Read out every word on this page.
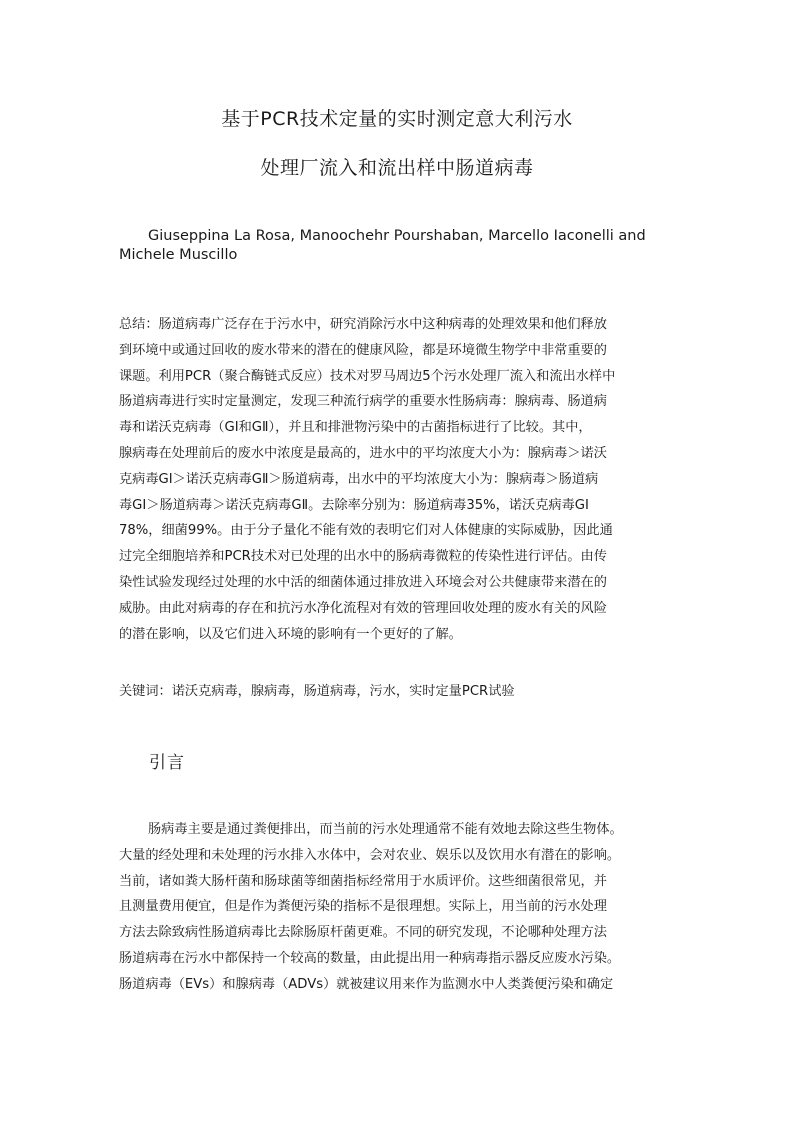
基于PCR技术定量的实时测定意大利污水
处理厂流入和流出样中肠道病毒
Giuseppina La Rosa, Manoochehr Pourshaban, Marcello Iaconelli and Michele Muscillo
总结：肠道病毒广泛存在于污水中，研究消除污水中这种病毒的处理效果和他们释放
到环境中或通过回收的废水带来的潜在的健康风险，都是环境微生物学中非常重要的
课题。利用PCR（聚合酶链式反应）技术对罗马周边5个污水处理厂流入和流出水样中
肠道病毒进行实时定量测定，发现三种流行病学的重要水性肠病毒：腺病毒、肠道病
毒和诺沃克病毒（GⅠ和GⅡ），并且和排泄物污染中的古菌指标进行了比较。其中，
腺病毒在处理前后的废水中浓度是最高的，进水中的平均浓度大小为：腺病毒＞诺沃
克病毒GⅠ＞诺沃克病毒GⅡ＞肠道病毒，出水中的平均浓度大小为：腺病毒＞肠道病
毒GⅠ＞肠道病毒＞诺沃克病毒GⅡ。去除率分别为：肠道病毒35%，诺沃克病毒GⅠ
78%，细菌99%。由于分子量化不能有效的表明它们对人体健康的实际威胁，因此通
过完全细胞培养和PCR技术对已处理的出水中的肠病毒微粒的传染性进行评估。由传
染性试验发现经过处理的水中活的细菌体通过排放进入环境会对公共健康带来潜在的
威胁。由此对病毒的存在和抗污水净化流程对有效的管理回收处理的废水有关的风险
的潜在影响，以及它们进入环境的影响有一个更好的了解。
关键词：诺沃克病毒，腺病毒，肠道病毒，污水，实时定量PCR试验
引言
肠病毒主要是通过粪便排出，而当前的污水处理通常不能有效地去除这些生物体。
大量的经处理和未处理的污水排入水体中，会对农业、娱乐以及饮用水有潜在的影响。
当前，诸如粪大肠杆菌和肠球菌等细菌指标经常用于水质评价。这些细菌很常见，并
且测量费用便宜，但是作为粪便污染的指标不是很理想。实际上，用当前的污水处理
方法去除致病性肠道病毒比去除肠原杆菌更难。不同的研究发现，不论哪种处理方法
肠道病毒在污水中都保持一个较高的数量，由此提出用一种病毒指示器反应废水污染。
肠道病毒（EVs）和腺病毒（ADVs）就被建议用来作为监测水中人类粪便污染和确定
